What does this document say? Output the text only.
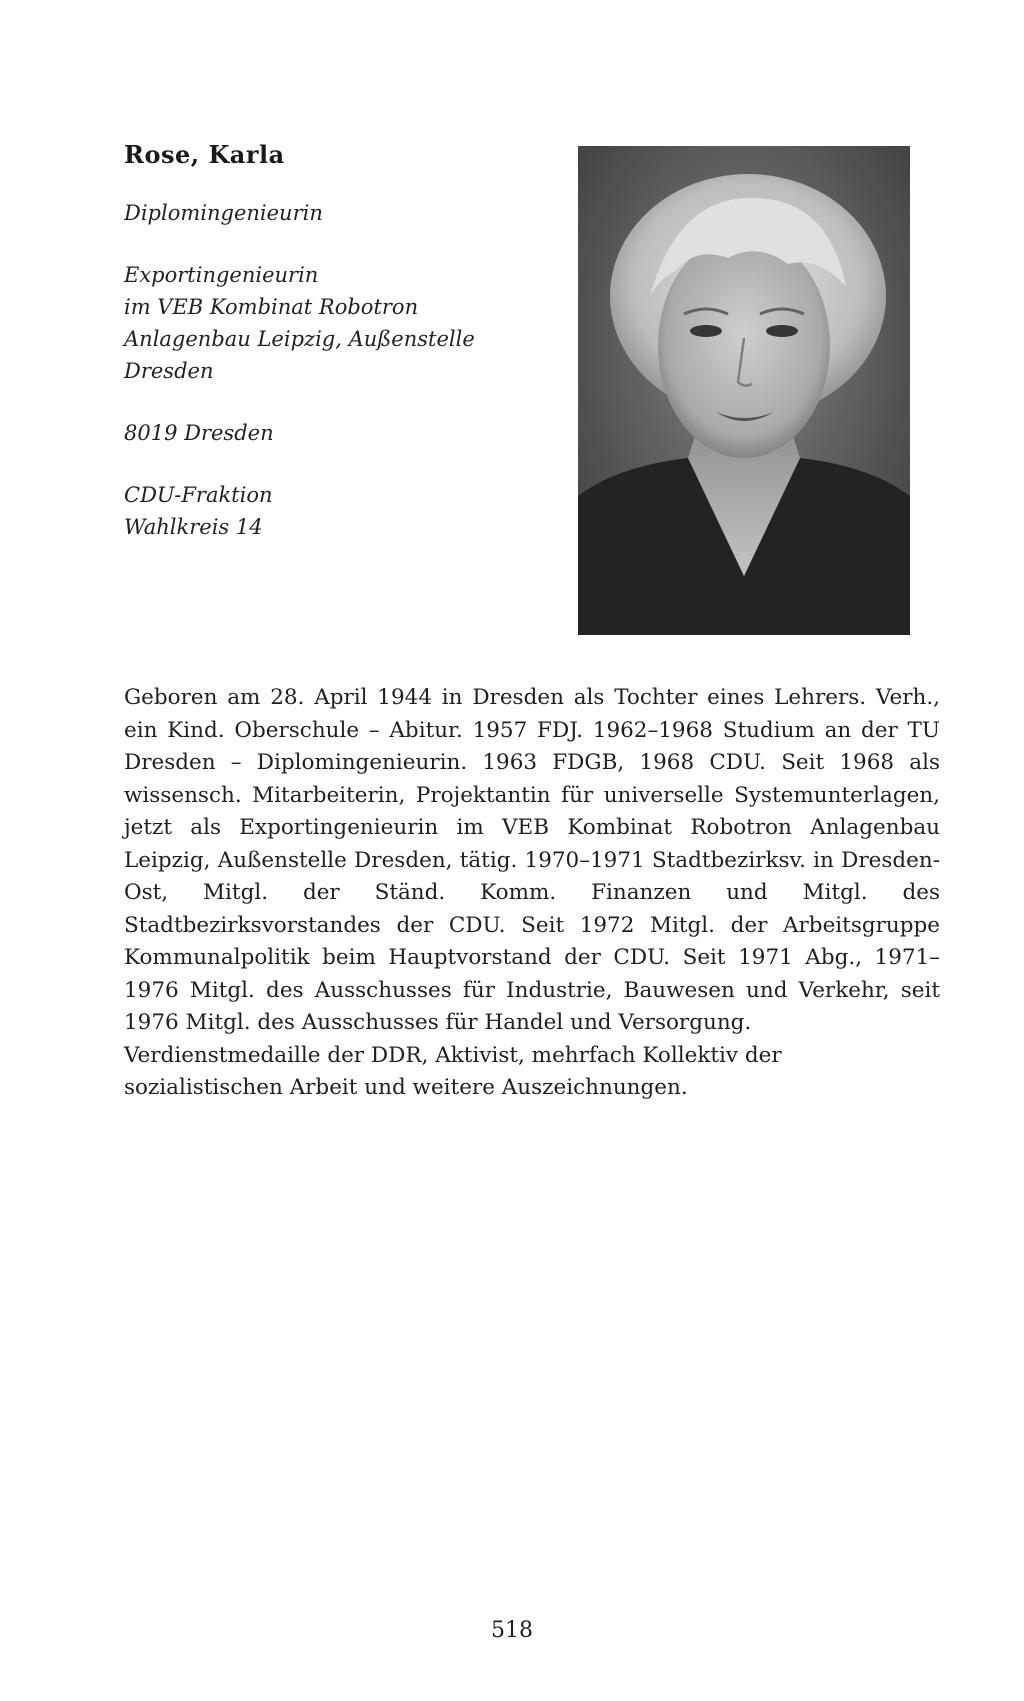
Rose, Karla

Diplomingenieurin

Exportingenieurin
im VEB Kombinat Robotron
Anlagenbau Leipzig, Außenstelle
Dresden

8019 Dresden

CDU-Fraktion
Wahlkreis 14

Geboren am 28. April 1944 in Dresden als Tochter eines Lehrers. Verh., ein Kind. Oberschule – Abitur. 1957 FDJ. 1962–1968 Studium an der TU Dresden – Diplomingenieurin. 1963 FDGB, 1968 CDU. Seit 1968 als wissensch. Mitarbeiterin, Projektantin für universelle Systemunterlagen, jetzt als Exportingenieurin im VEB Kombinat Robotron Anlagenbau Leipzig, Außenstelle Dresden, tätig. 1970–1971 Stadtbezirksv. in Dresden-Ost, Mitgl. der Ständ. Komm. Finanzen und Mitgl. des Stadtbezirksvorstandes der CDU. Seit 1972 Mitgl. der Arbeitsgruppe Kommunalpolitik beim Hauptvorstand der CDU. Seit 1971 Abg., 1971–1976 Mitgl. des Ausschusses für Industrie, Bauwesen und Verkehr, seit 1976 Mitgl. des Ausschusses für Handel und Versorgung.

Verdienstmedaille der DDR, Aktivist, mehrfach Kollektiv der sozialistischen Arbeit und weitere Auszeichnungen.

518
